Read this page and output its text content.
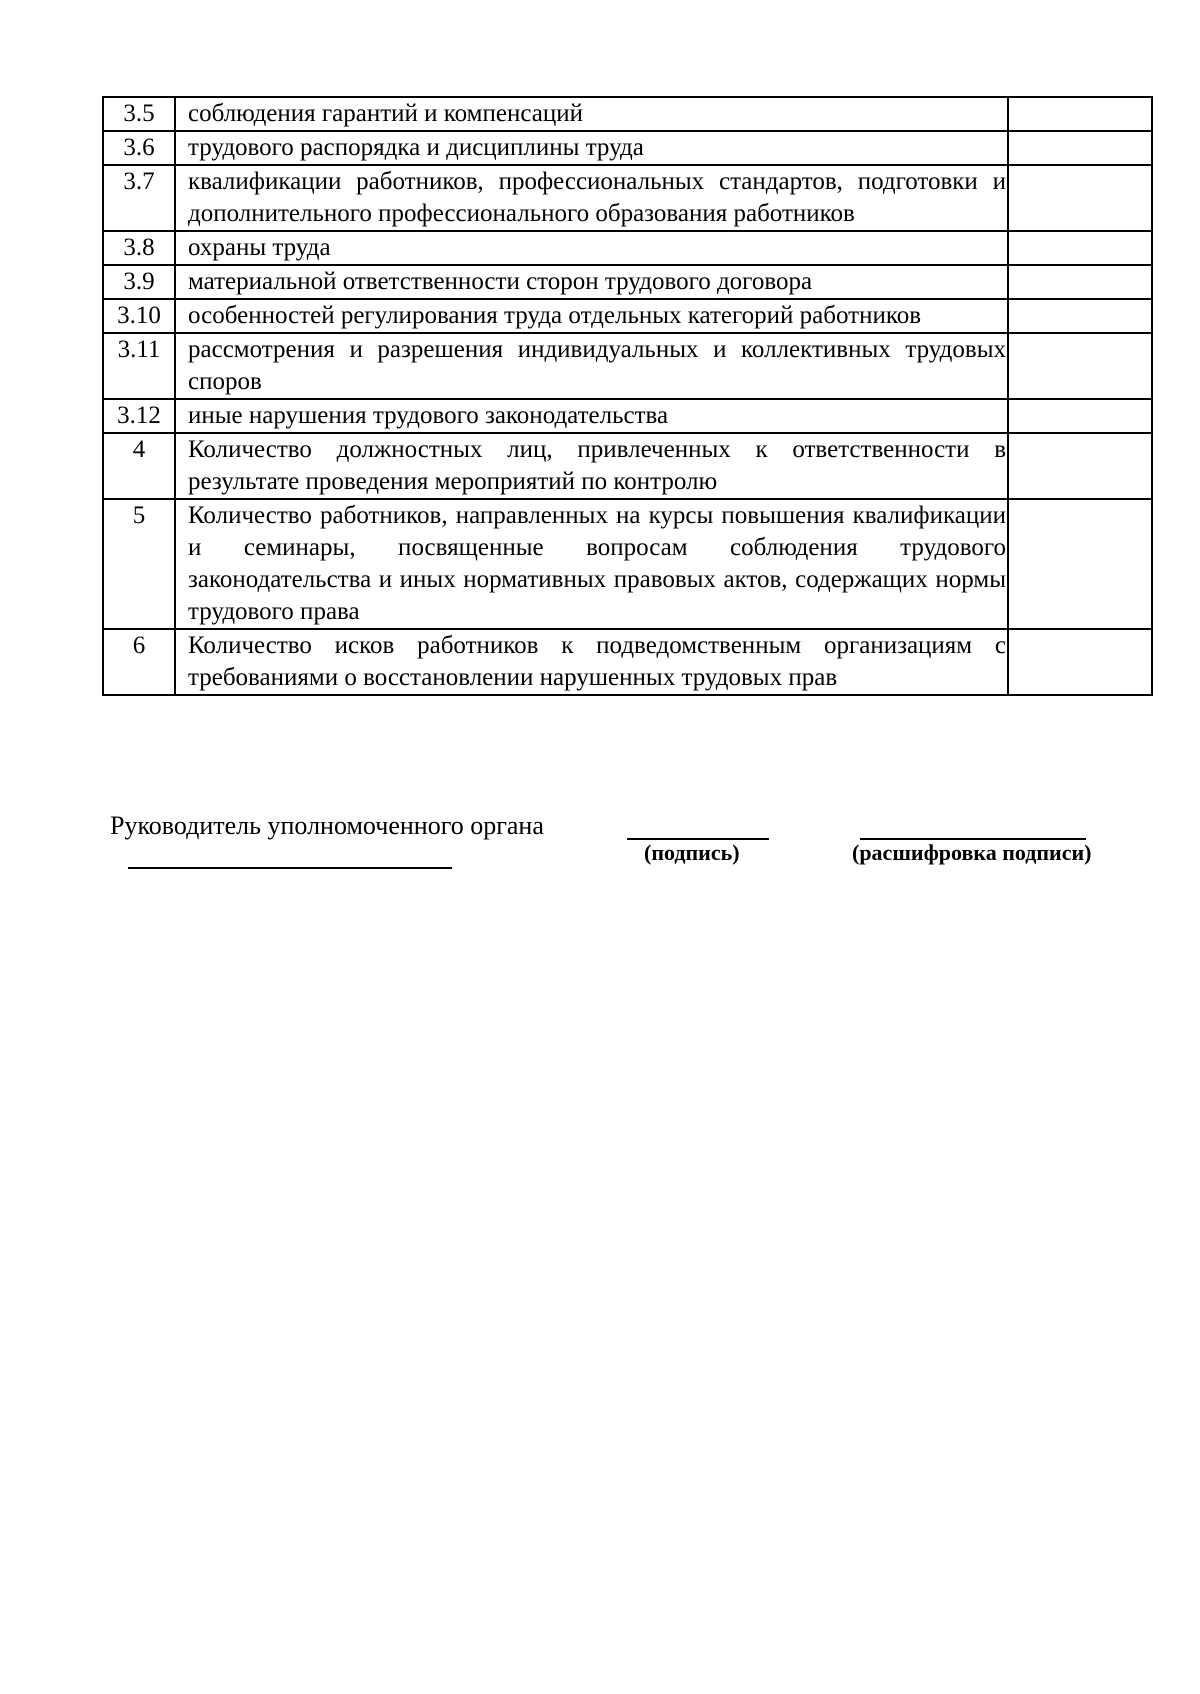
3.5	соблюдения гарантий и компенсаций	
3.6	трудового распорядка и дисциплины труда	
3.7	квалификации работников, профессиональных стандартов, подготовки и дополнительного профессионального образования работников	
3.8	охраны труда	
3.9	материальной ответственности сторон трудового договора	
3.10	особенностей регулирования труда отдельных категорий работников	
3.11	рассмотрения и разрешения индивидуальных и коллективных трудовых споров	
3.12	иные нарушения трудового законодательства	
4	Количество должностных лиц, привлеченных к ответственности в результате проведения мероприятий по контролю	
5	Количество работников, направленных на курсы повышения квалификации и семинары, посвященные вопросам соблюдения трудового законодательства и иных нормативных правовых актов, содержащих нормы трудового права	
6	Количество исков работников к подведомственным организациям с требованиями о восстановлении нарушенных трудовых прав	
Руководитель уполномоченного органа
(подпись)	(расшифровка подписи)
